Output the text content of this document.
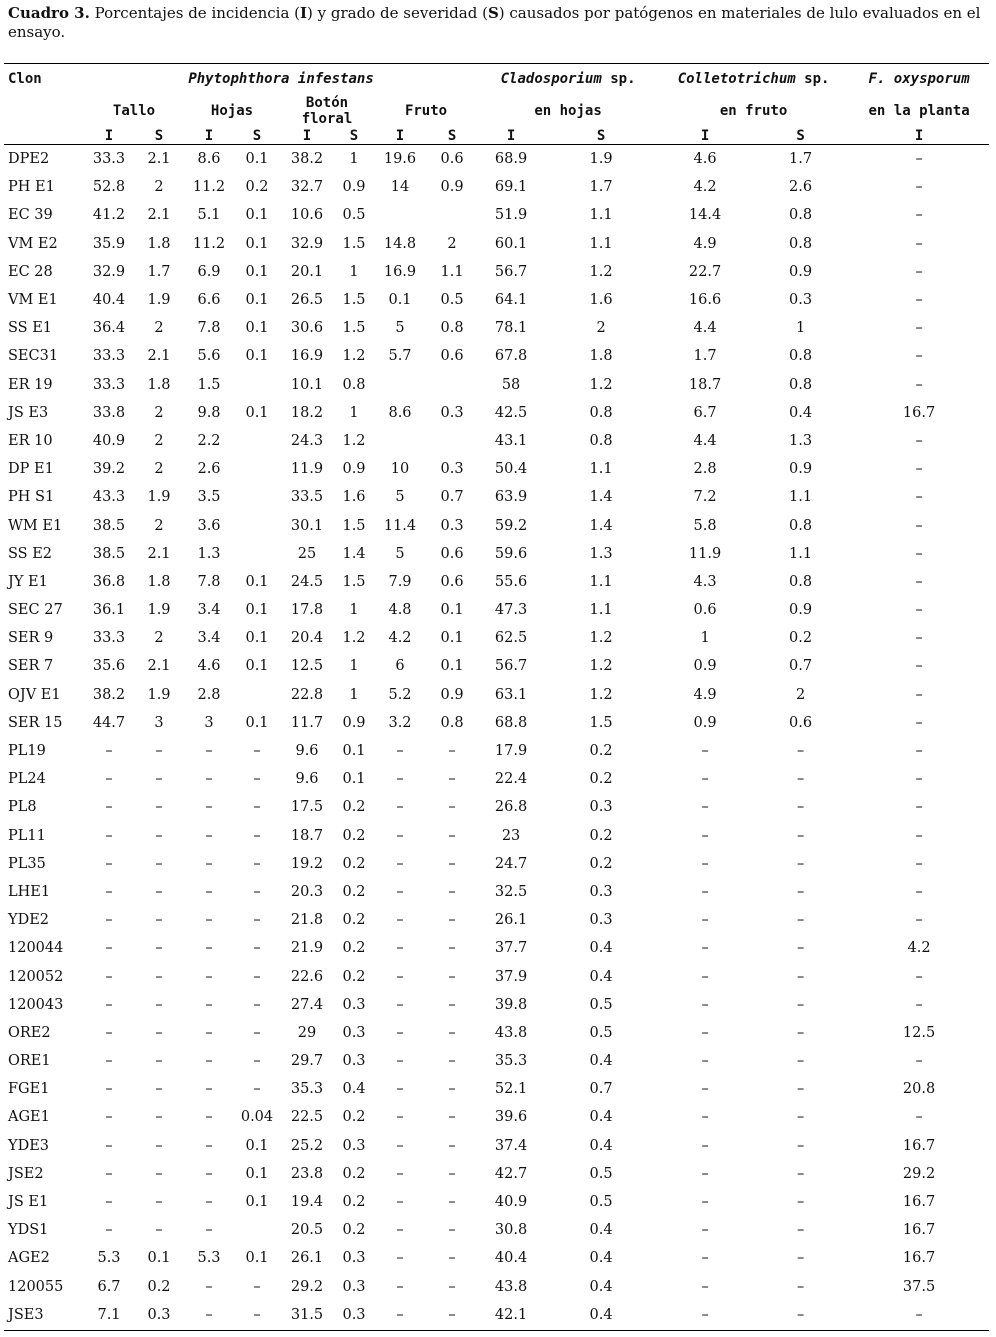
Cuadro 3. Porcentajes de incidencia (I) y grado de severidad (S) causados por patógenos en materiales de lulo evaluados en el ensayo.
Clon	Phytophthora infestans								Cladosporium sp.		Colletotrichum sp.		F. oxysporum
	Tallo		Hojas		Botón floral		Fruto		en hojas		en fruto		en la planta
	I	S	I	S	I	S	I	S	I	S	I	S	I
DPE2	33.3	2.1	8.6	0.1	38.2	1	19.6	0.6	68.9	1.9	4.6	1.7	–
PH E1	52.8	2	11.2	0.2	32.7	0.9	14	0.9	69.1	1.7	4.2	2.6	–
EC 39	41.2	2.1	5.1	0.1	10.6	0.5			51.9	1.1	14.4	0.8	–
VM E2	35.9	1.8	11.2	0.1	32.9	1.5	14.8	2	60.1	1.1	4.9	0.8	–
EC 28	32.9	1.7	6.9	0.1	20.1	1	16.9	1.1	56.7	1.2	22.7	0.9	–
VM E1	40.4	1.9	6.6	0.1	26.5	1.5	0.1	0.5	64.1	1.6	16.6	0.3	–
SS E1	36.4	2	7.8	0.1	30.6	1.5	5	0.8	78.1	2	4.4	1	–
SEC31	33.3	2.1	5.6	0.1	16.9	1.2	5.7	0.6	67.8	1.8	1.7	0.8	–
ER 19	33.3	1.8	1.5		10.1	0.8			58	1.2	18.7	0.8	–
JS E3	33.8	2	9.8	0.1	18.2	1	8.6	0.3	42.5	0.8	6.7	0.4	16.7
ER 10	40.9	2	2.2		24.3	1.2			43.1	0.8	4.4	1.3	–
DP E1	39.2	2	2.6		11.9	0.9	10	0.3	50.4	1.1	2.8	0.9	–
PH S1	43.3	1.9	3.5		33.5	1.6	5	0.7	63.9	1.4	7.2	1.1	–
WM E1	38.5	2	3.6		30.1	1.5	11.4	0.3	59.2	1.4	5.8	0.8	–
SS E2	38.5	2.1	1.3		25	1.4	5	0.6	59.6	1.3	11.9	1.1	–
JY E1	36.8	1.8	7.8	0.1	24.5	1.5	7.9	0.6	55.6	1.1	4.3	0.8	–
SEC 27	36.1	1.9	3.4	0.1	17.8	1	4.8	0.1	47.3	1.1	0.6	0.9	–
SER 9	33.3	2	3.4	0.1	20.4	1.2	4.2	0.1	62.5	1.2	1	0.2	–
SER 7	35.6	2.1	4.6	0.1	12.5	1	6	0.1	56.7	1.2	0.9	0.7	–
OJV E1	38.2	1.9	2.8		22.8	1	5.2	0.9	63.1	1.2	4.9	2	–
SER 15	44.7	3	3	0.1	11.7	0.9	3.2	0.8	68.8	1.5	0.9	0.6	–
PL19	–	–	–	–	9.6	0.1	–	–	17.9	0.2	–	–	–
PL24	–	–	–	–	9.6	0.1	–	–	22.4	0.2	–	–	–
PL8	–	–	–	–	17.5	0.2	–	–	26.8	0.3	–	–	–
PL11	–	–	–	–	18.7	0.2	–	–	23	0.2	–	–	–
PL35	–	–	–	–	19.2	0.2	–	–	24.7	0.2	–	–	–
LHE1	–	–	–	–	20.3	0.2	–	–	32.5	0.3	–	–	–
YDE2	–	–	–	–	21.8	0.2	–	–	26.1	0.3	–	–	–
120044	–	–	–	–	21.9	0.2	–	–	37.7	0.4	–	–	4.2
120052	–	–	–	–	22.6	0.2	–	–	37.9	0.4	–	–	–
120043	–	–	–	–	27.4	0.3	–	–	39.8	0.5	–	–	–
ORE2	–	–	–	–	29	0.3	–	–	43.8	0.5	–	–	12.5
ORE1	–	–	–	–	29.7	0.3	–	–	35.3	0.4	–	–	–
FGE1	–	–	–	–	35.3	0.4	–	–	52.1	0.7	–	–	20.8
AGE1	–	–	–	0.04	22.5	0.2	–	–	39.6	0.4	–	–	–
YDE3	–	–	–	0.1	25.2	0.3	–	–	37.4	0.4	–	–	16.7
JSE2	–	–	–	0.1	23.8	0.2	–	–	42.7	0.5	–	–	29.2
JS E1	–	–	–	0.1	19.4	0.2	–	–	40.9	0.5	–	–	16.7
YDS1	–	–	–		20.5	0.2	–	–	30.8	0.4	–	–	16.7
AGE2	5.3	0.1	5.3	0.1	26.1	0.3	–	–	40.4	0.4	–	–	16.7
120055	6.7	0.2	–	–	29.2	0.3	–	–	43.8	0.4	–	–	37.5
JSE3	7.1	0.3	–	–	31.5	0.3	–	–	42.1	0.4	–	–	–
